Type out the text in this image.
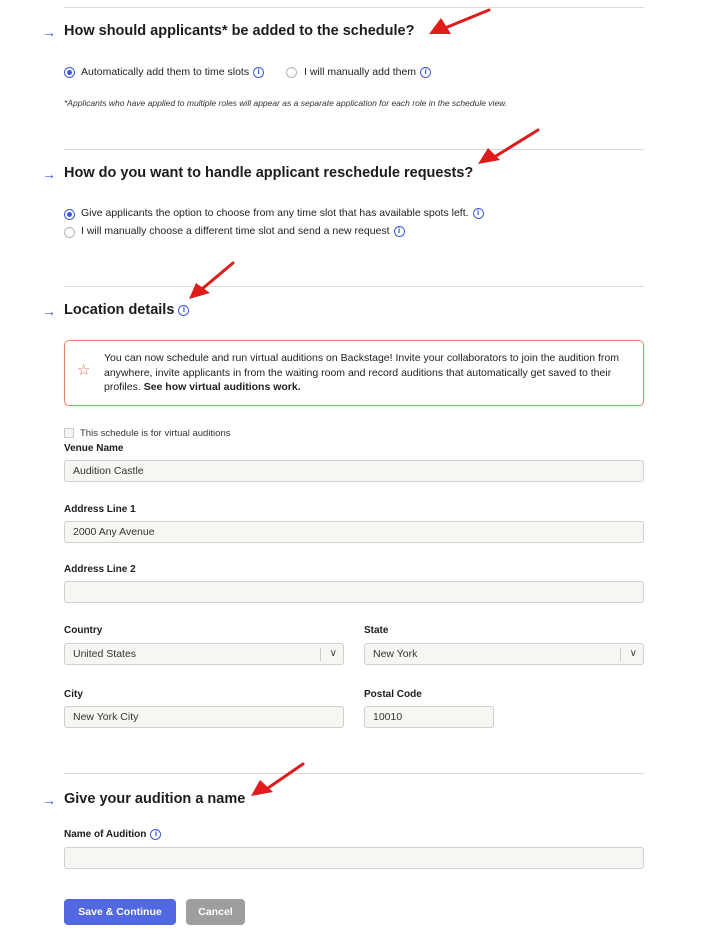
→ How should applicants* be added to the schedule?
Automatically add them to time slots i	I will manually add them i
*Applicants who have applied to multiple roles will appear as a separate application for each role in the schedule view.
→ How do you want to handle applicant reschedule requests?
Give applicants the option to choose from any time slot that has available spots left. i
I will manually choose a different time slot and send a new request i
→ Location details i
☆
You can now schedule and run virtual auditions on Backstage! Invite your collaborators to join the audition from anywhere, invite applicants in from the waiting room and record auditions that automatically get saved to their profiles. See how virtual auditions work.
This schedule is for virtual auditions
Venue Name
Audition Castle
Address Line 1
2000 Any Avenue
Address Line 2
Country
United States	∨
State
New York	∨
City
New York City
Postal Code
10010
→ Give your audition a name
Name of Audition i
Save & Continue	Cancel
